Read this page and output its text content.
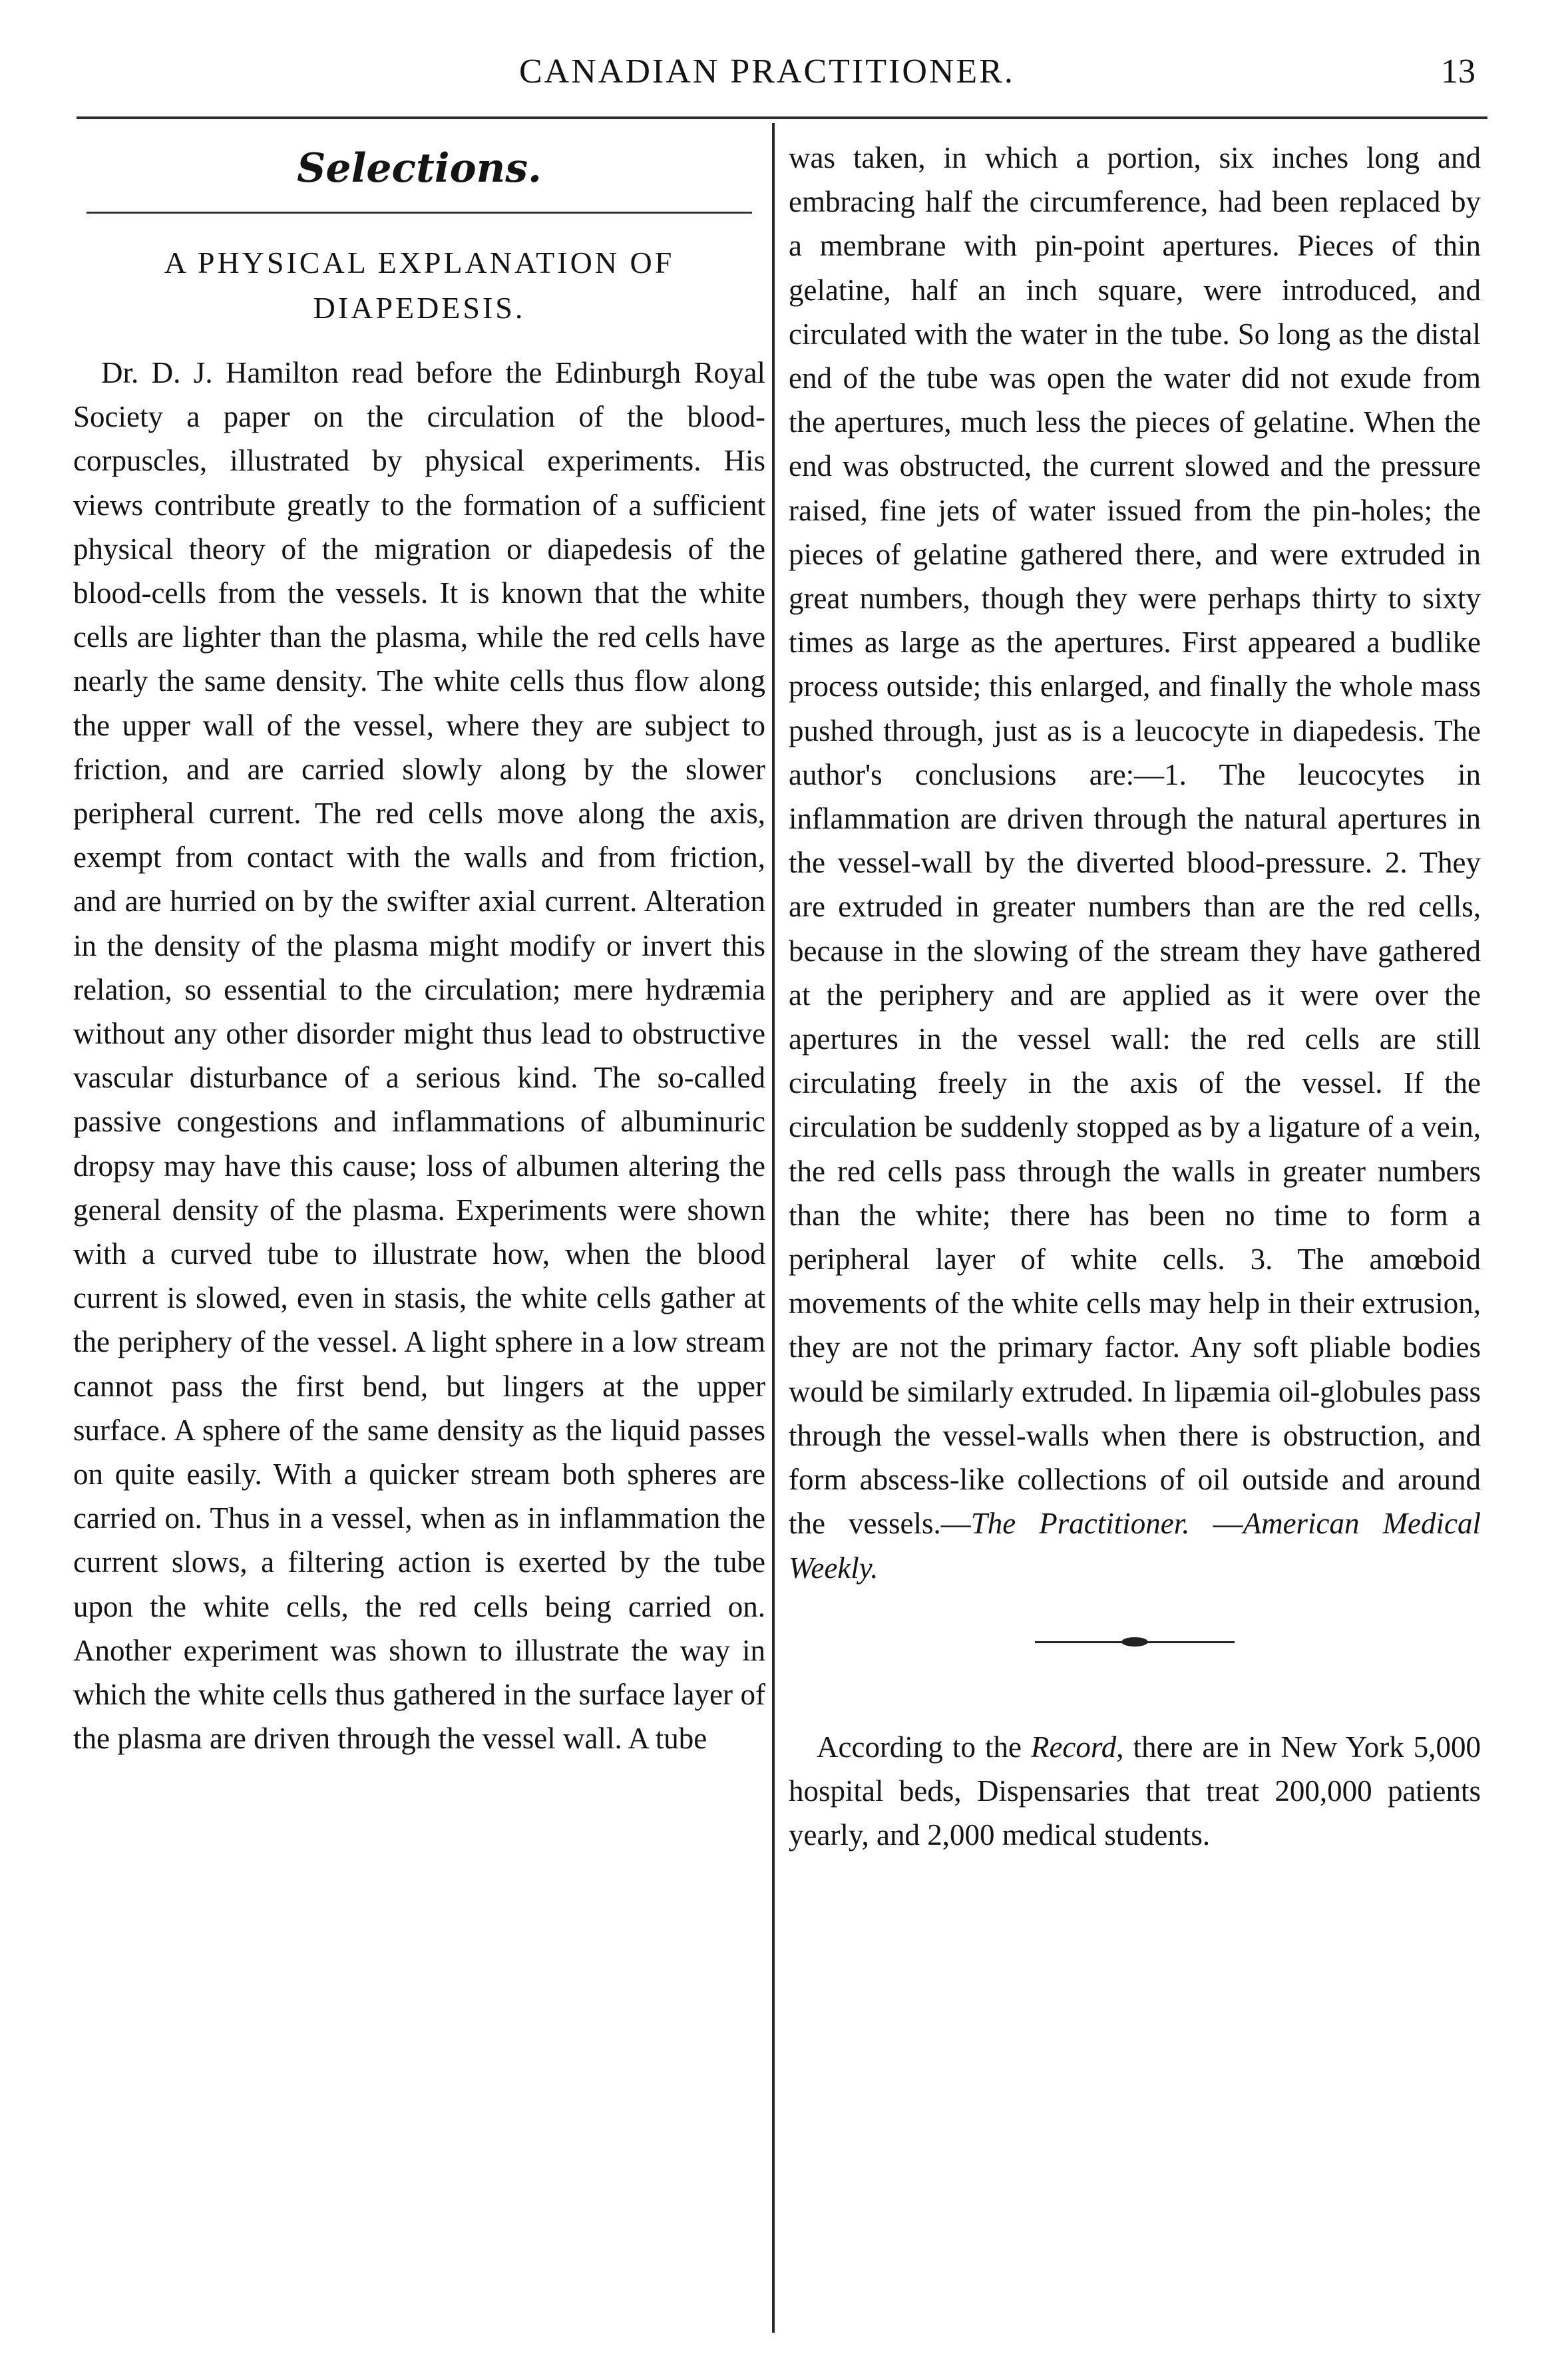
CANADIAN PRACTITIONER.	13
Selections.
A PHYSICAL EXPLANATION OF DIAPEDESIS.

Dr. D. J. Hamilton read before the Edinburgh Royal Society a paper on the circulation of the blood-corpuscles, illustrated by physical experiments. His views contribute greatly to the formation of a sufficient physical theory of the migration or diapedesis of the blood-cells from the vessels. It is known that the white cells are lighter than the plasma, while the red cells have nearly the same density. The white cells thus flow along the upper wall of the vessel, where they are subject to friction, and are carried slowly along by the slower peripheral current. The red cells move along the axis, exempt from contact with the walls and from friction, and are hurried on by the swifter axial current. Alteration in the density of the plasma might modify or invert this relation, so essential to the circulation; mere hydræmia without any other disorder might thus lead to obstructive vascular disturbance of a serious kind. The so-called passive congestions and inflammations of albuminuric dropsy may have this cause; loss of albumen altering the general density of the plasma. Experiments were shown with a curved tube to illustrate how, when the blood current is slowed, even in stasis, the white cells gather at the periphery of the vessel. A light sphere in a low stream cannot pass the first bend, but lingers at the upper surface. A sphere of the same density as the liquid passes on quite easily. With a quicker stream both spheres are carried on. Thus in a vessel, when as in inflammation the current slows, a filtering action is exerted by the tube upon the white cells, the red cells being carried on. Another experiment was shown to illustrate the way in which the white cells thus gathered in the surface layer of the plasma are driven through the vessel wall. A tube

was taken, in which a portion, six inches long and embracing half the circumference, had been replaced by a membrane with pin-point apertures. Pieces of thin gelatine, half an inch square, were introduced, and circulated with the water in the tube. So long as the distal end of the tube was open the water did not exude from the apertures, much less the pieces of gelatine. When the end was obstructed, the current slowed and the pressure raised, fine jets of water issued from the pin-holes; the pieces of gelatine gathered there, and were extruded in great numbers, though they were perhaps thirty to sixty times as large as the apertures. First appeared a budlike process outside; this enlarged, and finally the whole mass pushed through, just as is a leucocyte in diapedesis. The author's conclusions are:—1. The leucocytes in inflammation are driven through the natural apertures in the vessel-wall by the diverted blood-pressure. 2. They are extruded in greater numbers than are the red cells, because in the slowing of the stream they have gathered at the periphery and are applied as it were over the apertures in the vessel wall: the red cells are still circulating freely in the axis of the vessel. If the circulation be suddenly stopped as by a ligature of a vein, the red cells pass through the walls in greater numbers than the white; there has been no time to form a peripheral layer of white cells. 3. The amœboid movements of the white cells may help in their extrusion, they are not the primary factor. Any soft pliable bodies would be similarly extruded. In lipæmia oil-globules pass through the vessel-walls when there is obstruction, and form abscess-like collections of oil outside and around the vessels.—The Practitioner. —American Medical Weekly.

According to the Record, there are in New York 5,000 hospital beds, Dispensaries that treat 200,000 patients yearly, and 2,000 medical students.
